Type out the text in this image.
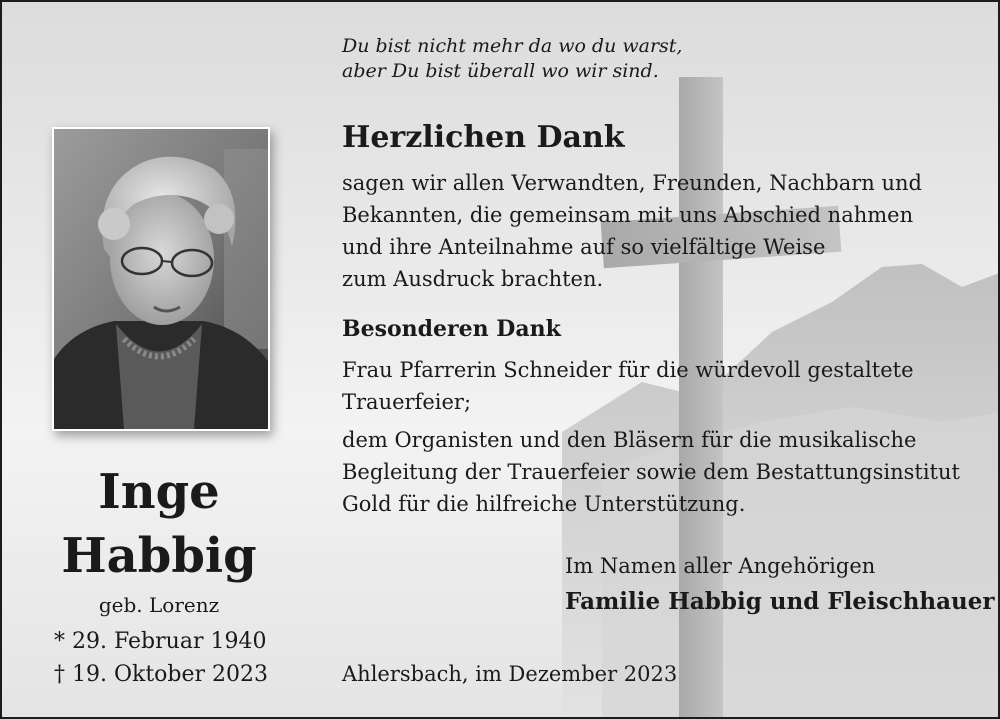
Du bist nicht mehr da wo du warst,
aber Du bist überall wo wir sind.
Herzlichen Dank
sagen wir allen Verwandten, Freunden, Nachbarn und
Bekannten, die gemeinsam mit uns Abschied nahmen
und ihre Anteilnahme auf so vielfältige Weise
zum Ausdruck brachten.
Besonderen Dank
Frau Pfarrerin Schneider für die würdevoll gestaltete
Trauerfeier;
dem Organisten und den Bläsern für die musikalische
Begleitung der Trauerfeier sowie dem Bestattungsinstitut
Gold für die hilfreiche Unterstützung.
Im Namen aller Angehörigen
Familie Habbig und Fleischhauer
Ahlersbach, im Dezember 2023
Inge
Habbig
geb. Lorenz
* 29. Februar 1940
† 19. Oktober 2023
